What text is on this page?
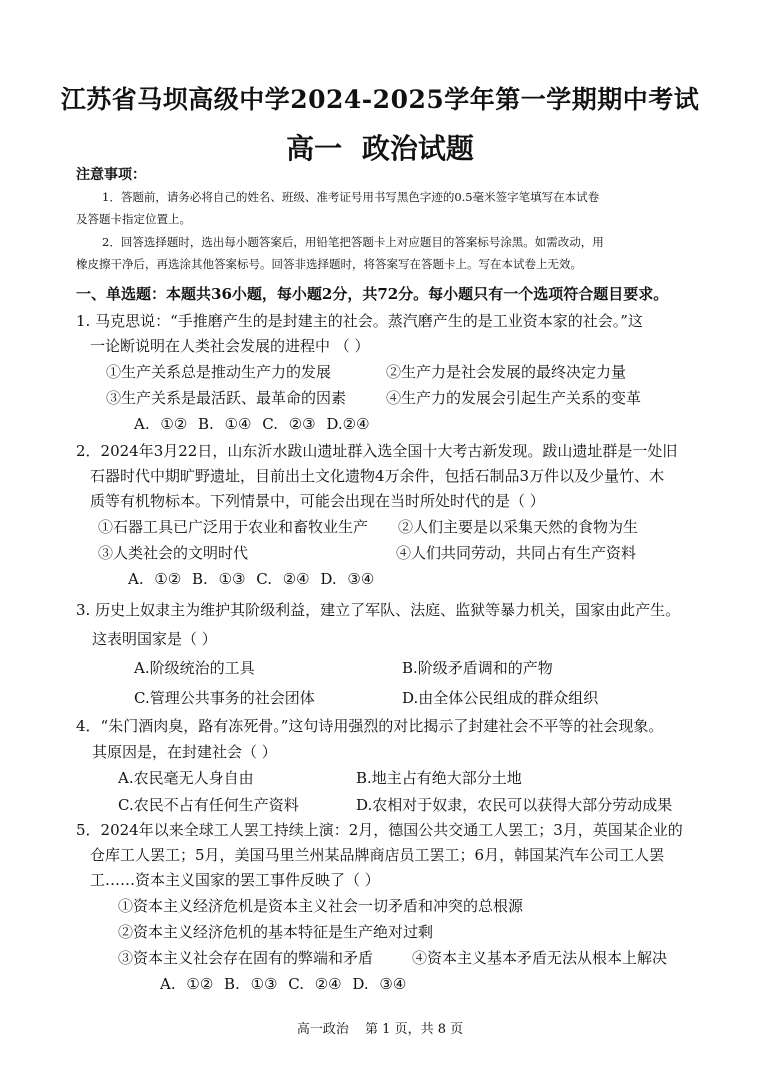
江苏省马坝高级中学2024-2025学年第一学期期中考试
高一 政治试题
注意事项：
1．答题前，请务必将自己的姓名、班级、准考证号用书写黑色字迹的0.5毫米签字笔填写在本试卷
及答题卡指定位置上。
2．回答选择题时，选出每小题答案后，用铅笔把答题卡上对应题目的答案标号涂黑。如需改动，用
橡皮擦干净后，再选涂其他答案标号。回答非选择题时，将答案写在答题卡上。写在本试卷上无效。
一、单选题：本题共36小题，每小题2分，共72分。每小题只有一个选项符合题目要求。
1. 马克思说：“手推磨产生的是封建主的社会。蒸汽磨产生的是工业资本家的社会。”这
一论断说明在人类社会发展的进程中 （ ）
①生产关系总是推动生产力的发展	②生产力是社会发展的最终决定力量
③生产关系是最活跃、最革命的因素	④生产力的发展会引起生产关系的变革
A. ①② B. ①④ C. ②③ D.②④
2．2024年3月22日，山东沂水跋山遗址群入选全国十大考古新发现。跋山遗址群是一处旧
石器时代中期旷野遗址，目前出土文化遗物4万余件，包括石制品3万件以及少量竹、木
质等有机物标本。下列情景中，可能会出现在当时所处时代的是（ ）
①石器工具已广泛用于农业和畜牧业生产 ②人们主要是以采集天然的食物为生
③人类社会的文明时代	④人们共同劳动，共同占有生产资料
A. ①② B. ①③ C. ②④ D. ③④
3. 历史上奴隶主为维护其阶级利益，建立了军队、法庭、监狱等暴力机关，国家由此产生。
这表明国家是（ ）
A.阶级统治的工具	B.阶级矛盾调和的产物
C.管理公共事务的社会团体	D.由全体公民组成的群众组织
4．“朱门酒肉臭，路有冻死骨。”这句诗用强烈的对比揭示了封建社会不平等的社会现象。
其原因是，在封建社会（ ）
A.农民毫无人身自由	B.地主占有绝大部分土地
C.农民不占有任何生产资料	D.农相对于奴隶，农民可以获得大部分劳动成果
5．2024年以来全球工人罢工持续上演：2月，德国公共交通工人罢工；3月，英国某企业的
仓库工人罢工；5月，美国马里兰州某品牌商店员工罢工；6月，韩国某汽车公司工人罢
工……资本主义国家的罢工事件反映了（ ）
①资本主义经济危机是资本主义社会一切矛盾和冲突的总根源
②资本主义经济危机的基本特征是生产绝对过剩
③资本主义社会存在固有的弊端和矛盾	④资本主义基本矛盾无法从根本上解决
A. ①② B. ①③ C. ②④ D. ③④
高一政治 第 1 页，共 8 页
